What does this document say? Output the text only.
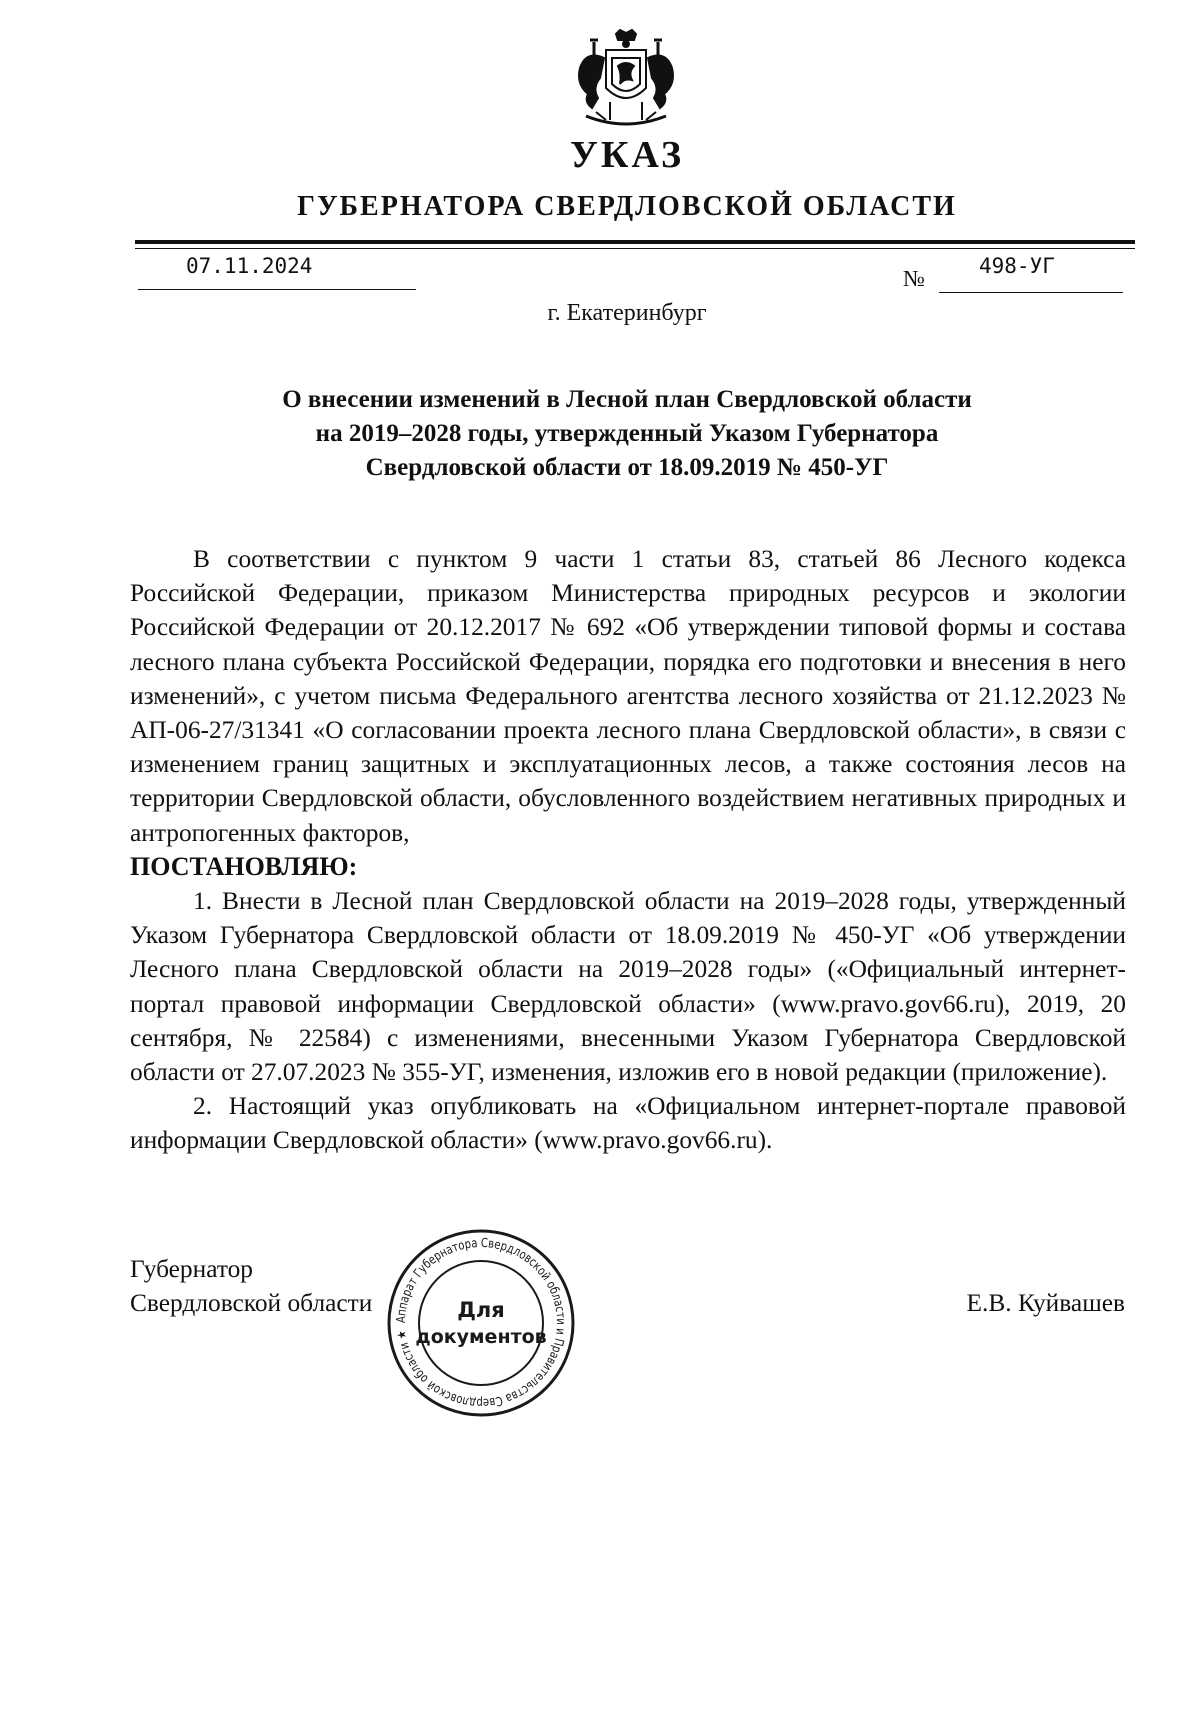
УКАЗ
ГУБЕРНАТОРА СВЕРДЛОВСКОЙ ОБЛАСТИ
07.11.2024	№	498-УГ
г. Екатеринбург
О внесении изменений в Лесной план Свердловской области
на 2019–2028 годы, утвержденный Указом Губернатора
Свердловской области от 18.09.2019 № 450-УГ

В соответствии с пунктом 9 части 1 статьи 83, статьей 86 Лесного кодекса Российской Федерации, приказом Министерства природных ресурсов и экологии Российской Федерации от 20.12.2017 № 692 «Об утверждении типовой формы и состава лесного плана субъекта Российской Федерации, порядка его подготовки и внесения в него изменений», с учетом письма Федерального агентства лесного хозяйства от 21.12.2023 № АП-06-27/31341 «О согласовании проекта лесного плана Свердловской области», в связи с изменением границ защитных и эксплуатационных лесов, а также состояния лесов на территории Свердловской области, обусловленного воздействием негативных природных и антропогенных факторов,

ПОСТАНОВЛЯЮ:

1. Внести в Лесной план Свердловской области на 2019–2028 годы, утвержденный Указом Губернатора Свердловской области от 18.09.2019 № 450-УГ «Об утверждении Лесного плана Свердловской области на 2019–2028 годы» («Официальный интернет-портал правовой информации Свердловской области» (www.pravo.gov66.ru), 2019, 20 сентября, № 22584) с изменениями, внесенными Указом Губернатора Свердловской области от 27.07.2023 № 355-УГ, изменения, изложив его в новой редакции (приложение).

2. Настоящий указ опубликовать на «Официальном интернет-портале правовой информации Свердловской области» (www.pravo.gov66.ru).

Губернатор
Свердловской области	Е.В. Куйвашев
Аппарат Губернатора Свердловской области и Правительства Свердловской области ★
Для
документов
